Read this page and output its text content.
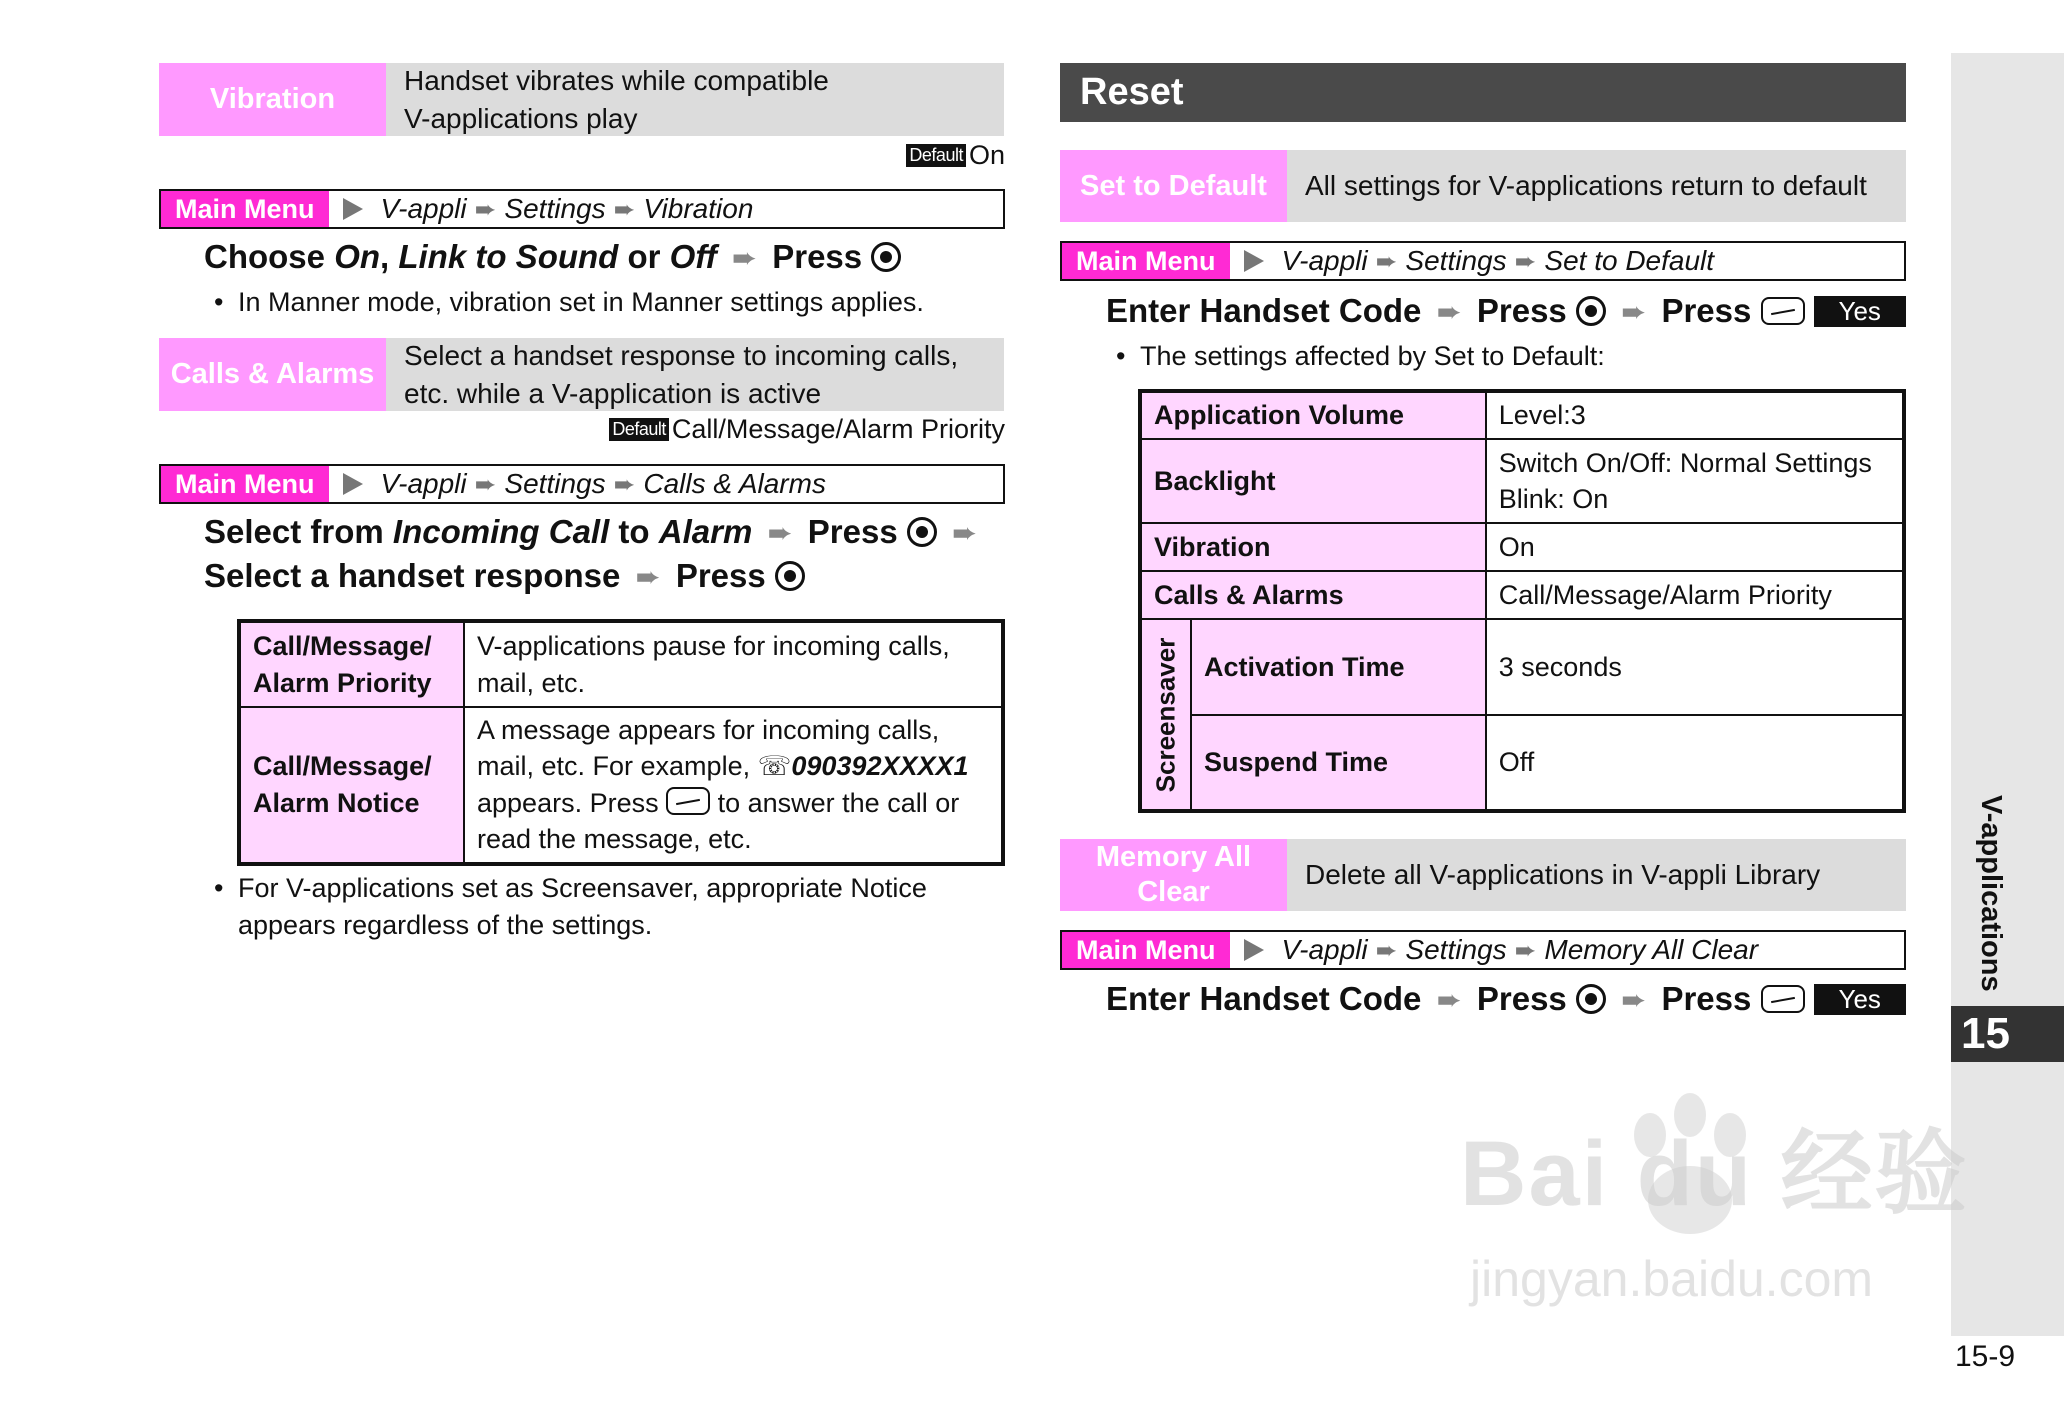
Vibration
Handset vibrates while compatible
V-applications play
Default On
Main Menu	V-appli ➨ Settings ➨ Vibration
Choose On, Link to Sound or Off ➨ Press
• In Manner mode, vibration set in Manner settings applies.
Calls & Alarms
Select a handset response to incoming calls,
etc. while a V-application is active
Default Call/Message/Alarm Priority
Main Menu	V-appli ➨ Settings ➨ Calls & Alarms
Select from Incoming Call to Alarm ➨ Press ➨
Select a handset response ➨ Press
Call/Message/
Alarm Priority	V-applications pause for incoming calls, mail, etc.
Call/Message/
Alarm Notice	A message appears for incoming calls, mail, etc. For example, ☏090392XXXX1 appears. Press  to answer the call or read the message, etc.
• For V-applications set as Screensaver, appropriate Notice appears regardless of the settings.
Reset
Set to Default	All settings for V-applications return to default
Main Menu	V-appli ➨ Settings ➨ Set to Default
Enter Handset Code ➨ Press ➨ Press	Yes
• The settings affected by Set to Default:
Application Volume		Level:3
Backlight		Switch On/Off: Normal Settings
Blink: On
Vibration		On
Calls & Alarms		Call/Message/Alarm Priority

Screensaver	Activation Time	3 seconds
	Suspend Time	Off
Memory All
Clear
Delete all V-applications in V-appli Library
Main Menu	V-appli ➨ Settings ➨ Memory All Clear
Enter Handset Code ➨ Press ➨ Press	Yes
V-applications
15
15-9
Bai du 经验
jingyan.baidu.com
